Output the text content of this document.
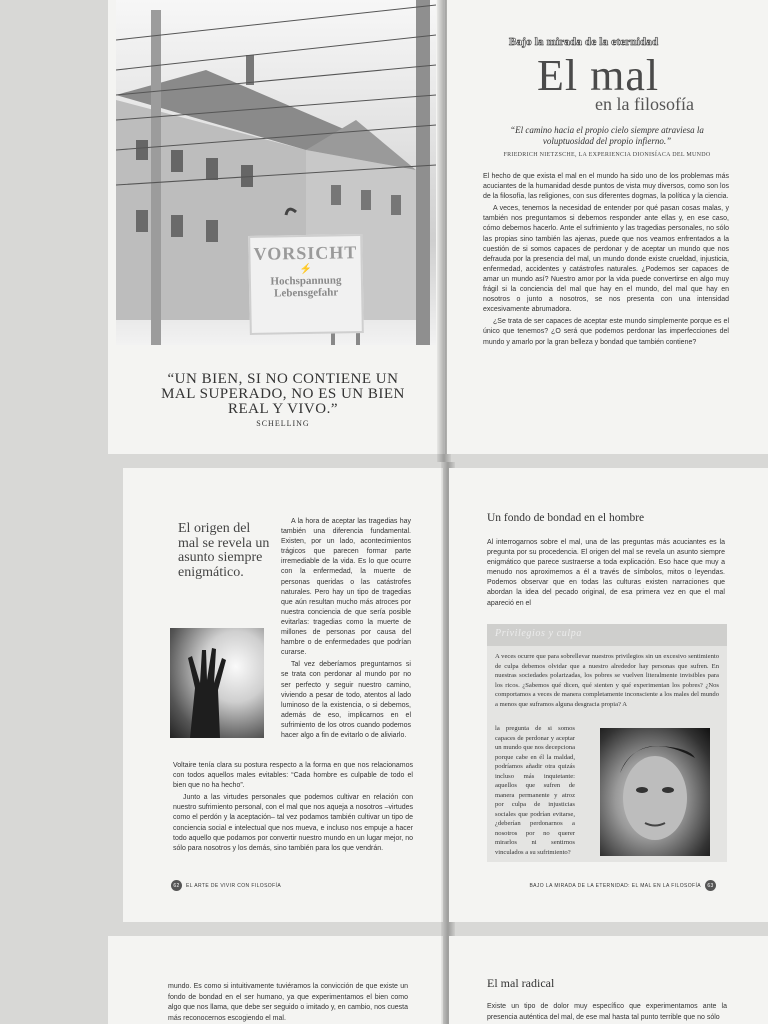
VORSICHT
⚡
Hochspannung
Lebensgefahr
“UN BIEN, SI NO CONTIENE UN MAL SUPERADO, NO ES UN BIEN REAL Y VIVO.”
SCHELLING
Bajo la mirada de la eternidad
El mal
en la filosofía
“El camino hacia el propio cielo siempre atraviesa la voluptuosidad del propio infierno.”
FRIEDRICH NIETZSCHE, LA EXPERIENCIA DIONISÍACA DEL MUNDO

El hecho de que exista el mal en el mundo ha sido uno de los problemas más acuciantes de la humanidad desde puntos de vista muy diversos, como son los de la filosofía, las religiones, con sus diferentes dogmas, la política y la ciencia.

A veces, tenemos la necesidad de entender por qué pasan cosas malas, y también nos preguntamos si debemos responder ante ellas y, en ese caso, cómo debemos hacerlo. Ante el sufrimiento y las tragedias personales, no sólo las propias sino también las ajenas, puede que nos veamos enfrentados a la cuestión de si somos capaces de perdonar y de aceptar un mundo que nos defrauda por la presencia del mal, un mundo donde existe crueldad, injusticia, enfermedad, accidentes y catástrofes naturales. ¿Podemos ser capaces de amar un mundo así? Nuestro amor por la vida puede convertirse en algo muy frágil si la conciencia del mal que hay en el mundo, del mal que hay en nosotros o junto a nosotros, se nos presenta con una intensidad excesivamente abrumadora.

¿Se trata de ser capaces de aceptar este mundo simplemente porque es el único que tenemos? ¿O será que podemos perdonar las imperfecciones del mundo y amarlo por la gran belleza y bondad que también contiene?

El origen del mal se revela un asunto siempre enigmático.

A la hora de aceptar las tragedias hay también una diferencia fundamental. Existen, por un lado, acontecimientos trágicos que parecen formar parte irremediable de la vida. Es lo que ocurre con la enfermedad, la muerte de personas queridas o las catástrofes naturales. Pero hay un tipo de tragedias que aún resultan mucho más atroces por nuestra conciencia de que sería posible evitarlas: tragedias como la muerte de millones de personas por causa del hambre o de enfermedades que podrían curarse.

Tal vez deberíamos preguntarnos si se trata con perdonar al mundo por no ser perfecto y seguir nuestro camino, viviendo a pesar de todo, atentos al lado luminoso de la existencia, o si debemos, además de eso, implicarnos en el sufrimiento de los otros cuando podemos hacer algo a fin de evitarlo o de aliviarlo.

Voltaire tenía clara su postura respecto a la forma en que nos relacionamos con todos aquellos males evitables: “Cada hombre es culpable de todo el bien que no ha hecho”.

Junto a las virtudes personales que podemos cultivar en relación con nuestro sufrimiento personal, con el mal que nos aqueja a nosotros –virtudes como el perdón y la aceptación– tal vez podamos también cultivar un tipo de conciencia social e intelectual que nos mueva, e incluso nos empuje a hacer todo aquello que podamos por convertir nuestro mundo en un lugar mejor, no sólo para nosotros y los demás, sino también para los que vendrán.

62	EL ARTE DE VIVIR CON FILOSOFÍA
Un fondo de bondad en el hombre

Al interrogarnos sobre el mal, una de las preguntas más acuciantes es la pregunta por su procedencia. El origen del mal se revela un asunto siempre enigmático que parece sustraerse a toda explicación. Eso hace que muy a menudo nos aproximemos a él a través de símbolos, mitos o leyendas. Podemos observar que en todas las culturas existen narraciones que abordan la idea del pecado original, de esa primera vez en que el mal apareció en el

Privilegios y culpa

A veces ocurre que para sobrellevar nuestros privilegios sin un excesivo sentimiento de culpa debemos olvidar que a nuestro alrededor hay personas que sufren. En nuestras sociedades polarizadas, los pobres se vuelven literalmente invisibles para los ricos. ¿Sabemos qué dicen, qué sienten y qué experimentan los pobres? ¿Nos comportamos a veces de manera completamente inconsciente a los males del mundo a menos que suframos alguna desgracia propia? A

la pregunta de si somos capaces de perdonar y aceptar un mundo que nos decepciona porque cabe en él la maldad, podríamos añadir otra quizás incluso más inquietante: aquellos que sufren de manera permanente y atroz por culpa de injusticias sociales que podrían evitarse, ¿deberían perdonarnos a nosotros por no querer mirarlos ni sentirnos vinculados a su sufrimiento?

BAJO LA MIRADA DE LA ETERNIDAD: EL MAL EN LA FILOSOFÍA	63

mundo. Es como si intuitivamente tuviéramos la convicción de que existe un fondo de bondad en el ser humano, ya que experimentamos el bien como algo que nos llama, que debe ser seguido o imitado y, en cambio, nos cuesta más reconocernos escogiendo el mal.

El mal radical

Existe un tipo de dolor muy específico que experimentamos ante la presencia auténtica del mal, de ese mal hasta tal punto terrible que no sólo
